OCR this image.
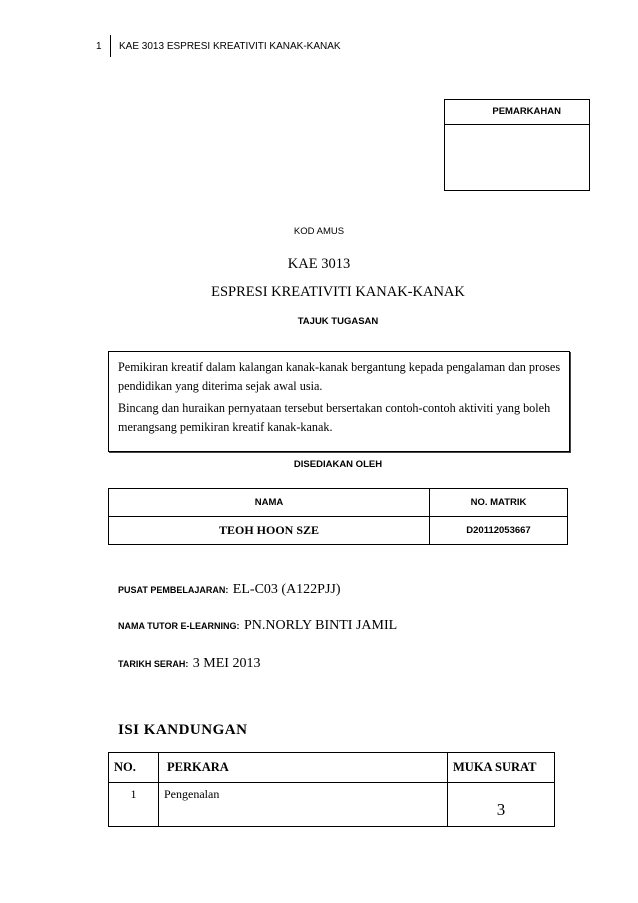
1 KAE 3013 ESPRESI KREATIVITI KANAK-KANAK
PEMARKAHAN
KOD AMUS
KAE 3013
ESPRESI KREATIVITI KANAK-KANAK
TAJUK TUGASAN

Pemikiran kreatif dalam kalangan kanak-kanak bergantung kepada pengalaman dan proses pendidikan yang diterima sejak awal usia.

Bincang dan huraikan pernyataan tersebut bersertakan contoh-contoh aktiviti yang boleh merangsang pemikiran kreatif kanak-kanak.

DISEDIAKAN OLEH
NAMA	NO. MATRIK
TEOH HOON SZE	D20112053667
PUSAT PEMBELAJARAN: EL-C03 (A122PJJ)
NAMA TUTOR E-LEARNING: PN.NORLY BINTI JAMIL
TARIKH SERAH: 3 MEI 2013
ISI KANDUNGAN
NO.	PERKARA	MUKA SURAT
1	Pengenalan	3
